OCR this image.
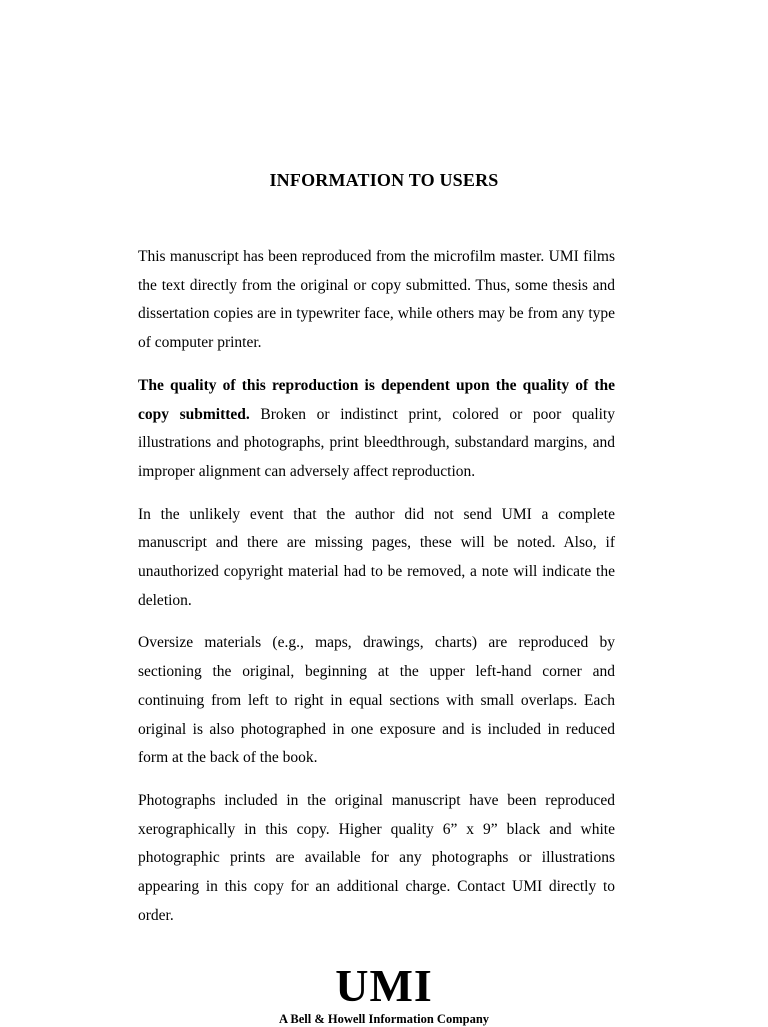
INFORMATION TO USERS

This manuscript has been reproduced from the microfilm master. UMI films the text directly from the original or copy submitted. Thus, some thesis and dissertation copies are in typewriter face, while others may be from any type of computer printer.

The quality of this reproduction is dependent upon the quality of the copy submitted. Broken or indistinct print, colored or poor quality illustrations and photographs, print bleedthrough, substandard margins, and improper alignment can adversely affect reproduction.

In the unlikely event that the author did not send UMI a complete manuscript and there are missing pages, these will be noted. Also, if unauthorized copyright material had to be removed, a note will indicate the deletion.

Oversize materials (e.g., maps, drawings, charts) are reproduced by sectioning the original, beginning at the upper left-hand corner and continuing from left to right in equal sections with small overlaps. Each original is also photographed in one exposure and is included in reduced form at the back of the book.

Photographs included in the original manuscript have been reproduced xerographically in this copy. Higher quality 6” x 9” black and white photographic prints are available for any photographs or illustrations appearing in this copy for an additional charge. Contact UMI directly to order.

UMI
A Bell & Howell Information Company
